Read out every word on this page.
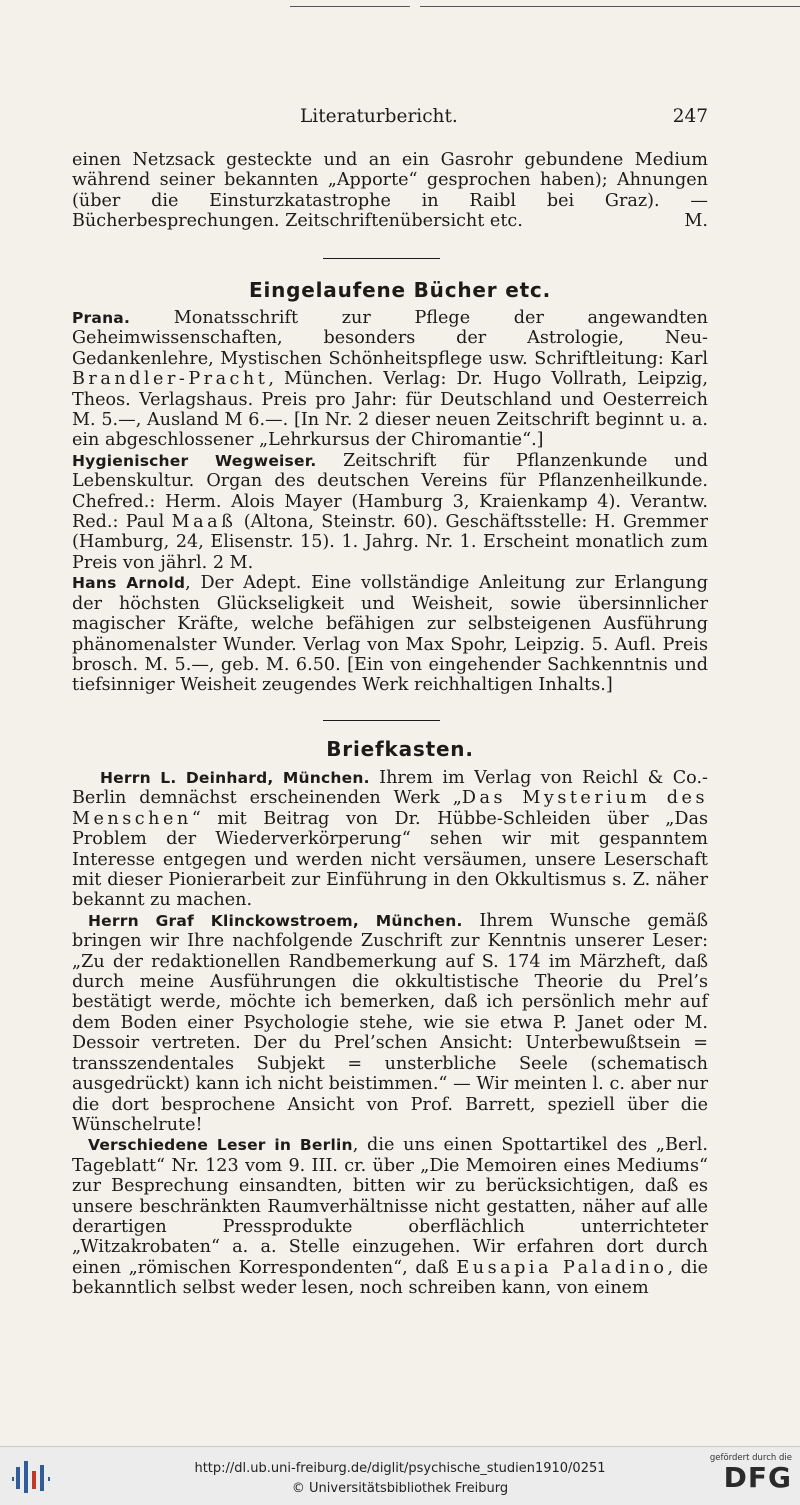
Literaturbericht.	247

einen Netzsack gesteckte und an ein Gasrohr gebundene Medium während seiner bekannten „Apporte“ gesprochen haben); Ahnungen (über die Einsturzkatastrophe in Raibl bei Graz). — Bücherbesprechungen. Zeitschriftenübersicht etc.	M.

Eingelaufene Bücher etc.

Prana. Monatsschrift zur Pflege der angewandten Geheimwissenschaften, besonders der Astrologie, Neu-Gedankenlehre, Mystischen Schönheitspflege usw. Schriftleitung: Karl Brandler-Pracht, München. Verlag: Dr. Hugo Vollrath, Leipzig, Theos. Verlagshaus. Preis pro Jahr: für Deutschland und Oesterreich M. 5.—, Ausland M 6.—. [In Nr. 2 dieser neuen Zeitschrift beginnt u. a. ein abgeschlossener „Lehrkursus der Chiromantie“.]

Hygienischer Wegweiser. Zeitschrift für Pflanzenkunde und Lebenskultur. Organ des deutschen Vereins für Pflanzenheilkunde. Chefred.: Herm. Alois Mayer (Hamburg 3, Kraienkamp 4). Verantw. Red.: Paul Maaß (Altona, Steinstr. 60). Geschäftsstelle: H. Gremmer (Hamburg, 24, Elisenstr. 15). 1. Jahrg. Nr. 1. Erscheint monatlich zum Preis von jährl. 2 M.

Hans Arnold, Der Adept. Eine vollständige Anleitung zur Erlangung der höchsten Glückseligkeit und Weisheit, sowie übersinnlicher magischer Kräfte, welche befähigen zur selbsteigenen Ausführung phänomenalster Wunder. Verlag von Max Spohr, Leipzig. 5. Aufl. Preis brosch. M. 5.—, geb. M. 6.50. [Ein von eingehender Sachkenntnis und tiefsinniger Weisheit zeugendes Werk reichhaltigen Inhalts.]

Briefkasten.

Herrn L. Deinhard, München. Ihrem im Verlag von Reichl & Co.-Berlin demnächst erscheinenden Werk „Das Mysterium des Menschen“ mit Beitrag von Dr. Hübbe-Schleiden über „Das Problem der Wiederverkörperung“ sehen wir mit gespanntem Interesse entgegen und werden nicht versäumen, unsere Leserschaft mit dieser Pionierarbeit zur Einführung in den Okkultismus s. Z. näher bekannt zu machen.

Herrn Graf Klinckowstroem, München. Ihrem Wunsche gemäß bringen wir Ihre nachfolgende Zuschrift zur Kenntnis unserer Leser: „Zu der redaktionellen Randbemerkung auf S. 174 im Märzheft, daß durch meine Ausführungen die okkultistische Theorie du Prel’s bestätigt werde, möchte ich bemerken, daß ich persönlich mehr auf dem Boden einer Psychologie stehe, wie sie etwa P. Janet oder M. Dessoir vertreten. Der du Prel’schen Ansicht: Unterbewußtsein = transszendentales Subjekt = unsterbliche Seele (schematisch ausgedrückt) kann ich nicht beistimmen.“ — Wir meinten l. c. aber nur die dort besprochene Ansicht von Prof. Barrett, speziell über die Wünschelrute!

Verschiedene Leser in Berlin, die uns einen Spottartikel des „Berl. Tageblatt“ Nr. 123 vom 9. III. cr. über „Die Memoiren eines Mediums“ zur Besprechung einsandten, bitten wir zu berücksichtigen, daß es unsere beschränkten Raumverhältnisse nicht gestatten, näher auf alle derartigen Pressprodukte oberflächlich unterrichteter „Witzakrobaten“ a. a. Stelle einzugehen. Wir erfahren dort durch einen „römischen Korrespondenten“, daß Eusapia Paladino, die bekanntlich selbst weder lesen, noch schreiben kann, von einem

http://dl.ub.uni-freiburg.de/diglit/psychische_studien1910/0251
© Universitätsbibliothek Freiburg
gefördert durch die
DFG
